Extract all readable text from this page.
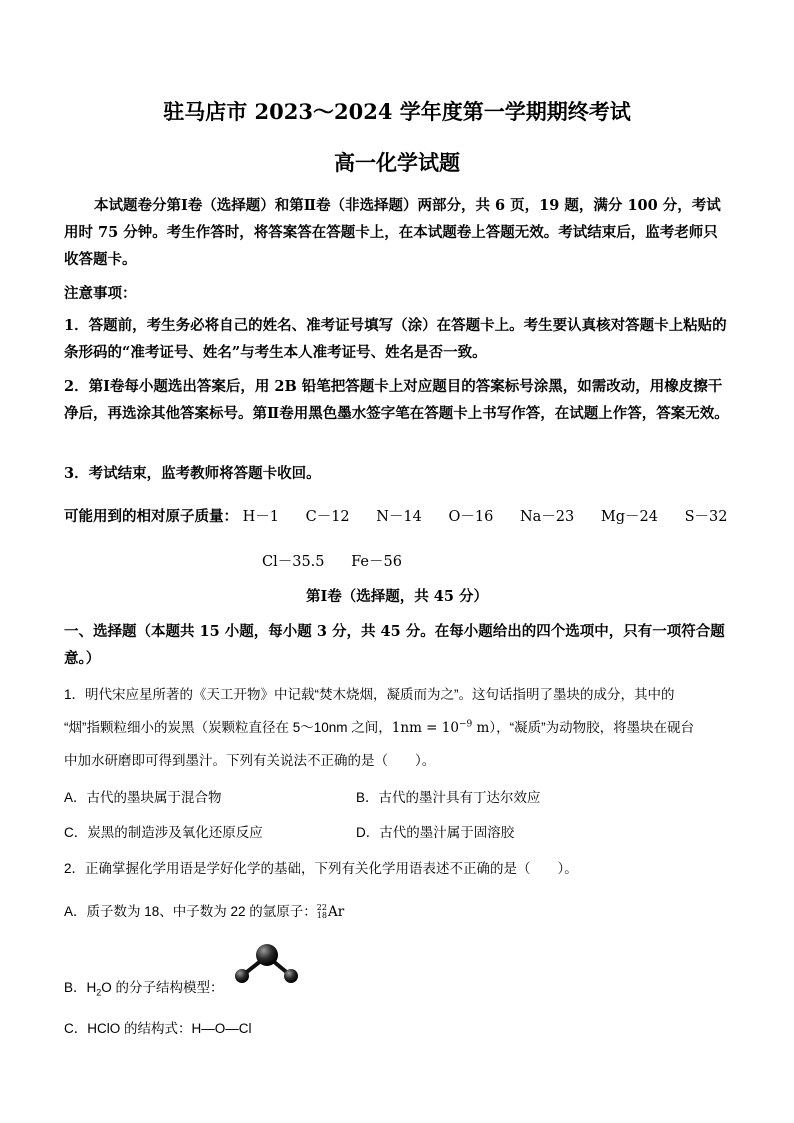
驻马店市 2023～2024 学年度第一学期期终考试
高一化学试题
本试题卷分第Ⅰ卷（选择题）和第Ⅱ卷（非选择题）两部分，共 6 页，19 题，满分 100 分，考试用时 75 分钟。考生作答时，将答案答在答题卡上，在本试题卷上答题无效。考试结束后，监考老师只收答题卡。
注意事项：
1．答题前，考生务必将自己的姓名、准考证号填写（涂）在答题卡上。考生要认真核对答题卡上粘贴的条形码的“准考证号、姓名”与考生本人准考证号、姓名是否一致。
2．第Ⅰ卷每小题选出答案后，用 2B 铅笔把答题卡上对应题目的答案标号涂黑，如需改动，用橡皮擦干净后，再选涂其他答案标号。第Ⅱ卷用黑色墨水签字笔在答题卡上书写作答，在试题上作答，答案无效。
3．考试结束，监考教师将答题卡收回。
可能用到的相对原子质量： H－1 C－12 N－14 O－16 Na－23 Mg－24 S－32
Cl－35.5 Fe－56
第Ⅰ卷（选择题，共 45 分）
一、选择题（本题共 15 小题，每小题 3 分，共 45 分。在每小题给出的四个选项中，只有一项符合题意。）
1．明代宋应星所著的《天工开物》中记载“焚木烧烟，凝质而为之”。这句话指明了墨块的成分，其中的
“烟”指颗粒细小的炭黑（炭颗粒直径在 5～10nm 之间，$1nm = 10^{-9}$ m），“凝质”为动物胶，将墨块在砚台
中加水研磨即可得到墨汁。下列有关说法不正确的是（　　）。
A．古代的墨块属于混合物	B．古代的墨汁具有丁达尔效应
C．炭黑的制造涉及氧化还原反应	D．古代的墨汁属于固溶胶
2．正确掌握化学用语是学好化学的基础，下列有关化学用语表述不正确的是（　　）。
A．质子数为 18、中子数为 22 的氩原子：22
18Ar
B．$H_2O$ 的分子结构模型：
C．HClO 的结构式：H—O—Cl
